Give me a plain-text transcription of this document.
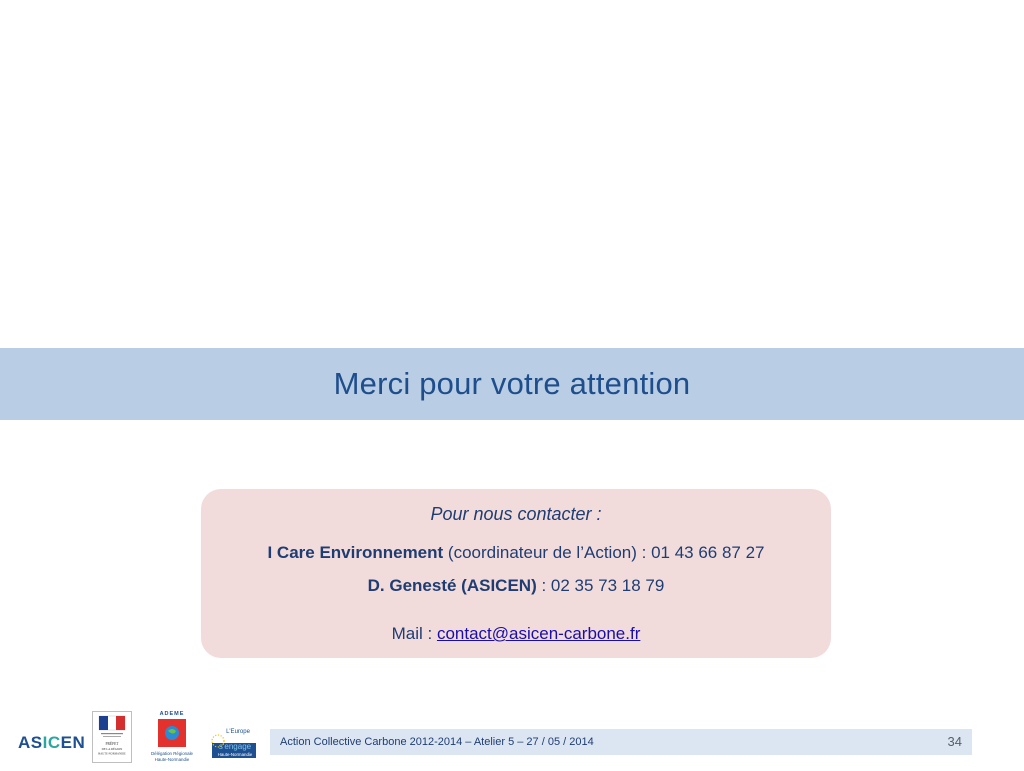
Merci pour votre attention
Pour nous contacter :
I Care Environnement (coordinateur de l’Action) : 01 43 66 87 27
D. Genesté (ASICEN) : 02 35 73 18 79
Mail : contact@asicen-carbone.fr
ASICEN	PRÉFET
DE LA RÉGION
HAUTE-NORMANDIE
ADEME
Délégation Régionale
Haute-Normandie
L'Europe
s'engage
Haute-Normandie
Action Collective Carbone 2012-2014 – Atelier 5 – 27 / 05 / 2014	34
